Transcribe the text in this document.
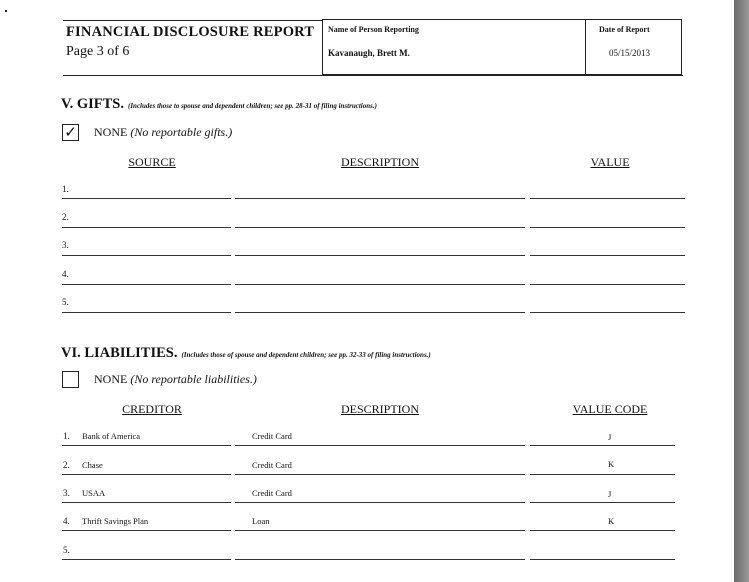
FINANCIAL DISCLOSURE REPORT
Page 3 of 6
Name of Person Reporting
Kavanaugh, Brett M.
Date of Report
05/15/2013
V. GIFTS. (Includes those to spouse and dependent children; see pp. 28-31 of filing instructions.)
✓ NONE (No reportable gifts.)
SOURCE	DESCRIPTION	VALUE
1.
2.
3.
4.
5.
VI. LIABILITIES. (Includes those of spouse and dependent children; see pp. 32-33 of filing instructions.)
NONE (No reportable liabilities.)
CREDITOR	DESCRIPTION	VALUE CODE
1. Bank of America	Credit Card	J
2. Chase	Credit Card	K
3. USAA	Credit Card	J
4. Thrift Savings Plan	Loan	K
5.
